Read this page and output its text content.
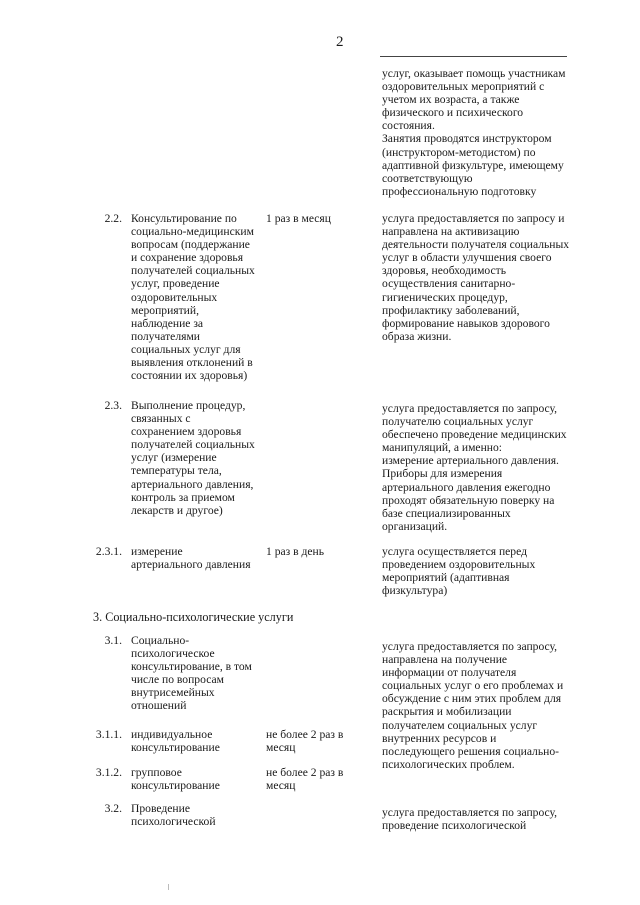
2
услуг, оказывает помощь участникам
оздоровительных мероприятий с
учетом их возраста, а также
физического и психического
состояния.
Занятия проводятся инструктором
(инструктором-методистом) по
адаптивной физкультуре, имеющему
соответствующую
профессиональную подготовку
2.2. Консультирование по
социально-медицинским
вопросам (поддержание
и сохранение здоровья
получателей социальных
услуг, проведение
оздоровительных
мероприятий,
наблюдение за
получателями
социальных услуг для
выявления отклонений в
состоянии их здоровья)
1 раз в месяц	услуга предоставляется по запросу и
направлена на активизацию
деятельности получателя социальных
услуг в области улучшения своего
здоровья, необходимость
осуществления санитарно-
гигиенических процедур,
профилактику заболеваний,
формирование навыков здорового
образа жизни.
2.3. Выполнение процедур,
связанных с
сохранением здоровья
получателей социальных
услуг (измерение
температуры тела,
артериального давления,
контроль за приемом
лекарств и другое)
услуга предоставляется по запросу,
получателю социальных услуг
обеспечено проведение медицинских
манипуляций, а именно:
измерение артериального давления.
Приборы для измерения
артериального давления ежегодно
проходят обязательную поверку на
базе специализированных
организаций.
2.3.1. измерение
артериального давления
1 раз в день	услуга осуществляется перед
проведением оздоровительных
мероприятий (адаптивная
физкультура)
3. Социально-психологические услуги
3.1. Социально-
психологическое
консультирование, в том
числе по вопросам
внутрисемейных
отношений
услуга предоставляется по запросу,
направлена на получение
информации от получателя
социальных услуг о его проблемах и
обсуждение с ним этих проблем для
раскрытия и мобилизации
получателем социальных услуг
внутренних ресурсов и
последующего решения социально-
психологических проблем.
3.1.1. индивидуальное
консультирование
не более 2 раз в
месяц
3.1.2. групповое
консультирование
не более 2 раз в
месяц
3.2. Проведение
психологической
услуга предоставляется по запросу,
проведение психологической
